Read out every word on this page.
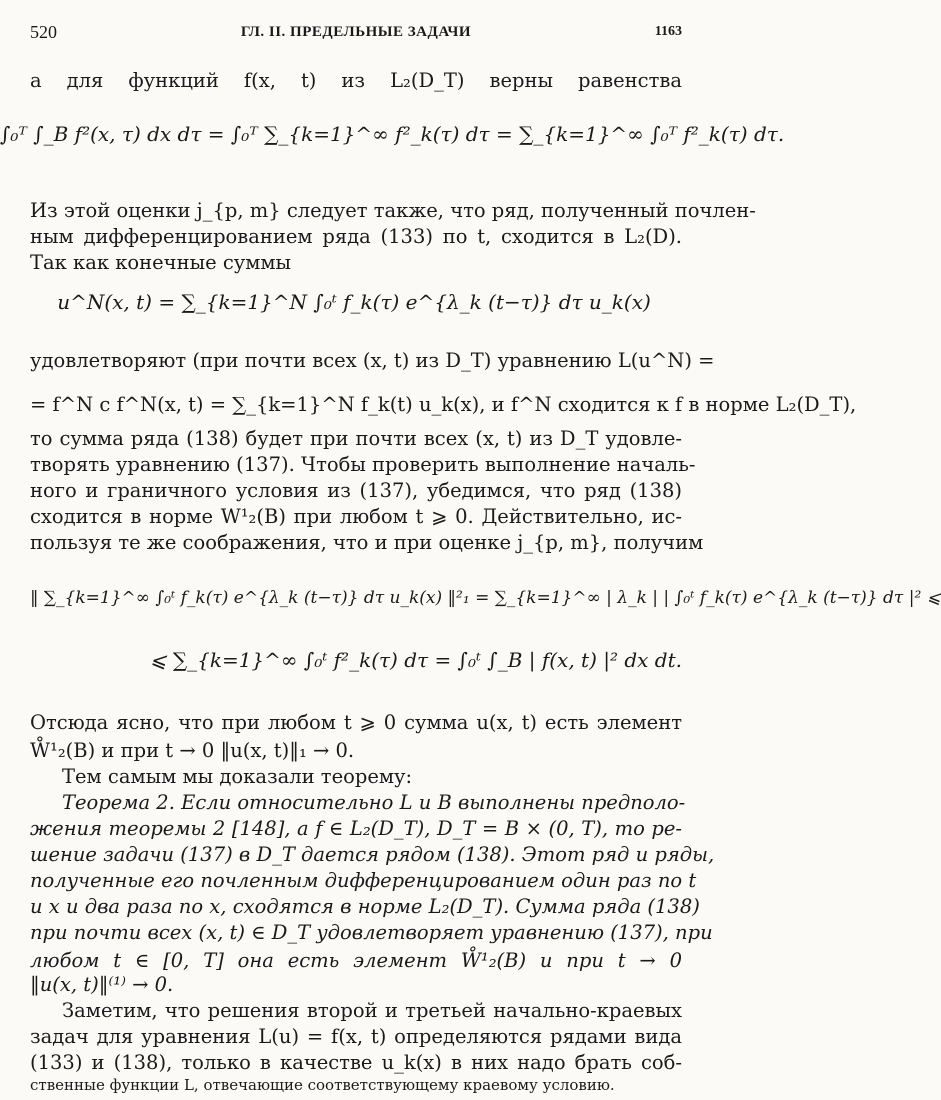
520	ГЛ. II. ПРЕДЕЛЬНЫЕ ЗАДАЧИ	1163
а для функций f(x, t) из L₂(D_T) верны равенства
∫₀ᵀ ∫_B f²(x, τ) dx dτ = ∫₀ᵀ ∑_{k=1}^∞ f²_k(τ) dτ = ∑_{k=1}^∞ ∫₀ᵀ f²_k(τ) dτ.
Из этой оценки j_{p, m} следует также, что ряд, полученный почлен-
ным дифференцированием ряда (133) по t, сходится в L₂(D).
Так как конечные суммы
u^N(x, t) = ∑_{k=1}^N ∫₀ᵗ f_k(τ) e^{λ_k (t−τ)} dτ u_k(x)
удовлетворяют (при почти всех (x, t) из D_T) уравнению L(u^N) =
= f^N с f^N(x, t) = ∑_{k=1}^N f_k(t) u_k(x), и f^N сходится к f в норме L₂(D_T),
то сумма ряда (138) будет при почти всех (x, t) из D_T удовле-
творять уравнению (137). Чтобы проверить выполнение началь-
ного и граничного условия из (137), убедимся, что ряд (138)
сходится в норме W¹₂(B) при любом t ⩾ 0. Действительно, ис-
пользуя те же соображения, что и при оценке j_{p, m}, получим
‖ ∑_{k=1}^∞ ∫₀ᵗ f_k(τ) e^{λ_k (t−τ)} dτ u_k(x) ‖²₁ = ∑_{k=1}^∞ | λ_k | | ∫₀ᵗ f_k(τ) e^{λ_k (t−τ)} dτ |² ⩽
⩽ ∑_{k=1}^∞ ∫₀ᵗ f²_k(τ) dτ = ∫₀ᵗ ∫_B | f(x, t) |² dx dt.
Отсюда ясно, что при любом t ⩾ 0 сумма u(x, t) есть элемент
W̊¹₂(B) и при t → 0 ‖u(x, t)‖₁ → 0.
Тем самым мы доказали теорему:
Теорема 2. Если относительно L и B выполнены предполо-
жения теоремы 2 [148], а f ∈ L₂(D_T), D_T = B × (0, T), то ре-
шение задачи (137) в D_T дается рядом (138). Этот ряд и ряды,
полученные его почленным дифференцированием один раз по t
и x и два раза по x, сходятся в норме L₂(D_T). Сумма ряда (138)
при почти всех (x, t) ∈ D_T удовлетворяет уравнению (137), при
любом t ∈ [0, T] она есть элемент W̊¹₂(B) и при t → 0
‖u(x, t)‖⁽¹⁾ → 0.
Заметим, что решения второй и третьей начально-краевых
задач для уравнения L(u) = f(x, t) определяются рядами вида
(133) и (138), только в качестве u_k(x) в них надо брать соб-
ственные функции L, отвечающие соответствующему краевому условию.
